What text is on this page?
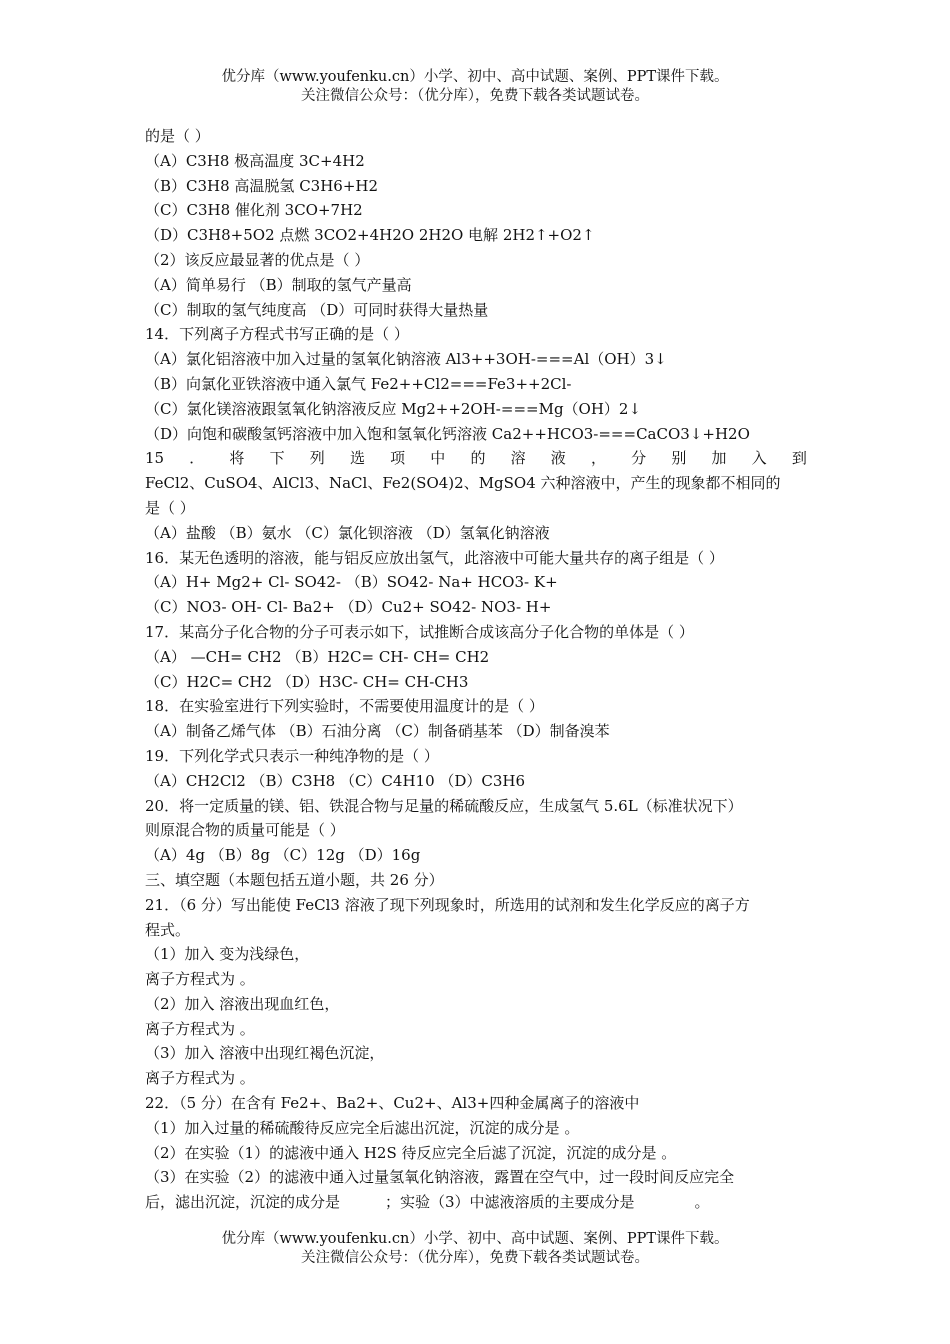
优分库（www.youfenku.cn）小学、初中、高中试题、案例、PPT课件下载。
关注微信公众号：（优分库），免费下载各类试题试卷。
的是（ ）
（A）C3H8 极高温度 3C+4H2
（B）C3H8 高温脱氢 C3H6+H2
（C）C3H8 催化剂 3CO+7H2
（D）C3H8+5O2 点燃 3CO2+4H2O 2H2O 电解 2H2↑+O2↑
（2）该反应最显著的优点是（ ）
（A）简单易行 （B）制取的氢气产量高
（C）制取的氢气纯度高 （D）可同时获得大量热量
14．下列离子方程式书写正确的是（ ）
（A）氯化铝溶液中加入过量的氢氧化钠溶液 Al3++3OH-===Al（OH）3↓
（B）向氯化亚铁溶液中通入氯气 Fe2++Cl2===Fe3++2Cl-
（C）氯化镁溶液跟氢氧化钠溶液反应 Mg2++2OH-===Mg（OH）2↓
（D）向饱和碳酸氢钙溶液中加入饱和氢氧化钙溶液 Ca2++HCO3-===CaCO3↓+H2O
15 ． 将 下 列 选 项 中 的 溶 液 ， 分 别 加 入 到
FeCl2、CuSO4、AlCl3、NaCl、Fe2(SO4)2、MgSO4 六种溶液中，产生的现象都不相同的
是（ ）
（A）盐酸 （B）氨水 （C）氯化钡溶液 （D）氢氧化钠溶液
16．某无色透明的溶液，能与铝反应放出氢气，此溶液中可能大量共存的离子组是（ ）
（A）H+ Mg2+ Cl- SO42- （B）SO42- Na+ HCO3- K+
（C）NO3- OH- Cl- Ba2+ （D）Cu2+ SO42- NO3- H+
17．某高分子化合物的分子可表示如下，试推断合成该高分子化合物的单体是（ ）
（A） —CH= CH2 （B）H2C= CH- CH= CH2
（C）H2C= CH2 （D）H3C- CH= CH-CH3
18．在实验室进行下列实验时，不需要使用温度计的是（ ）
（A）制备乙烯气体 （B）石油分离 （C）制备硝基苯 （D）制备溴苯
19．下列化学式只表示一种纯净物的是（ ）
（A）CH2Cl2 （B）C3H8 （C）C4H10 （D）C3H6
20．将一定质量的镁、铝、铁混合物与足量的稀硫酸反应，生成氢气 5.6L（标准状况下）
则原混合物的质量可能是（ ）
（A）4g （B）8g （C）12g （D）16g
三、填空题（本题包括五道小题，共 26 分）
21．（6 分）写出能使 FeCl3 溶液了现下列现象时，所选用的试剂和发生化学反应的离子方
程式。
（1）加入 变为浅绿色，
离子方程式为 。
（2）加入 溶液出现血红色，
离子方程式为 。
（3）加入 溶液中出现红褐色沉淀，
离子方程式为 。
22．（5 分）在含有 Fe2+、Ba2+、Cu2+、Al3+四种金属离子的溶液中
（1）加入过量的稀硫酸待反应完全后滤出沉淀，沉淀的成分是 。
（2）在实验（1）的滤液中通入 H2S 待反应完全后滤了沉淀，沉淀的成分是 。
（3）在实验（2）的滤液中通入过量氢氧化钠溶液，露置在空气中，过一段时间反应完全
后，滤出沉淀，沉淀的成分是　　　；实验（3）中滤液溶质的主要成分是　　　　。
优分库（www.youfenku.cn）小学、初中、高中试题、案例、PPT课件下载。
关注微信公众号：（优分库），免费下载各类试题试卷。
